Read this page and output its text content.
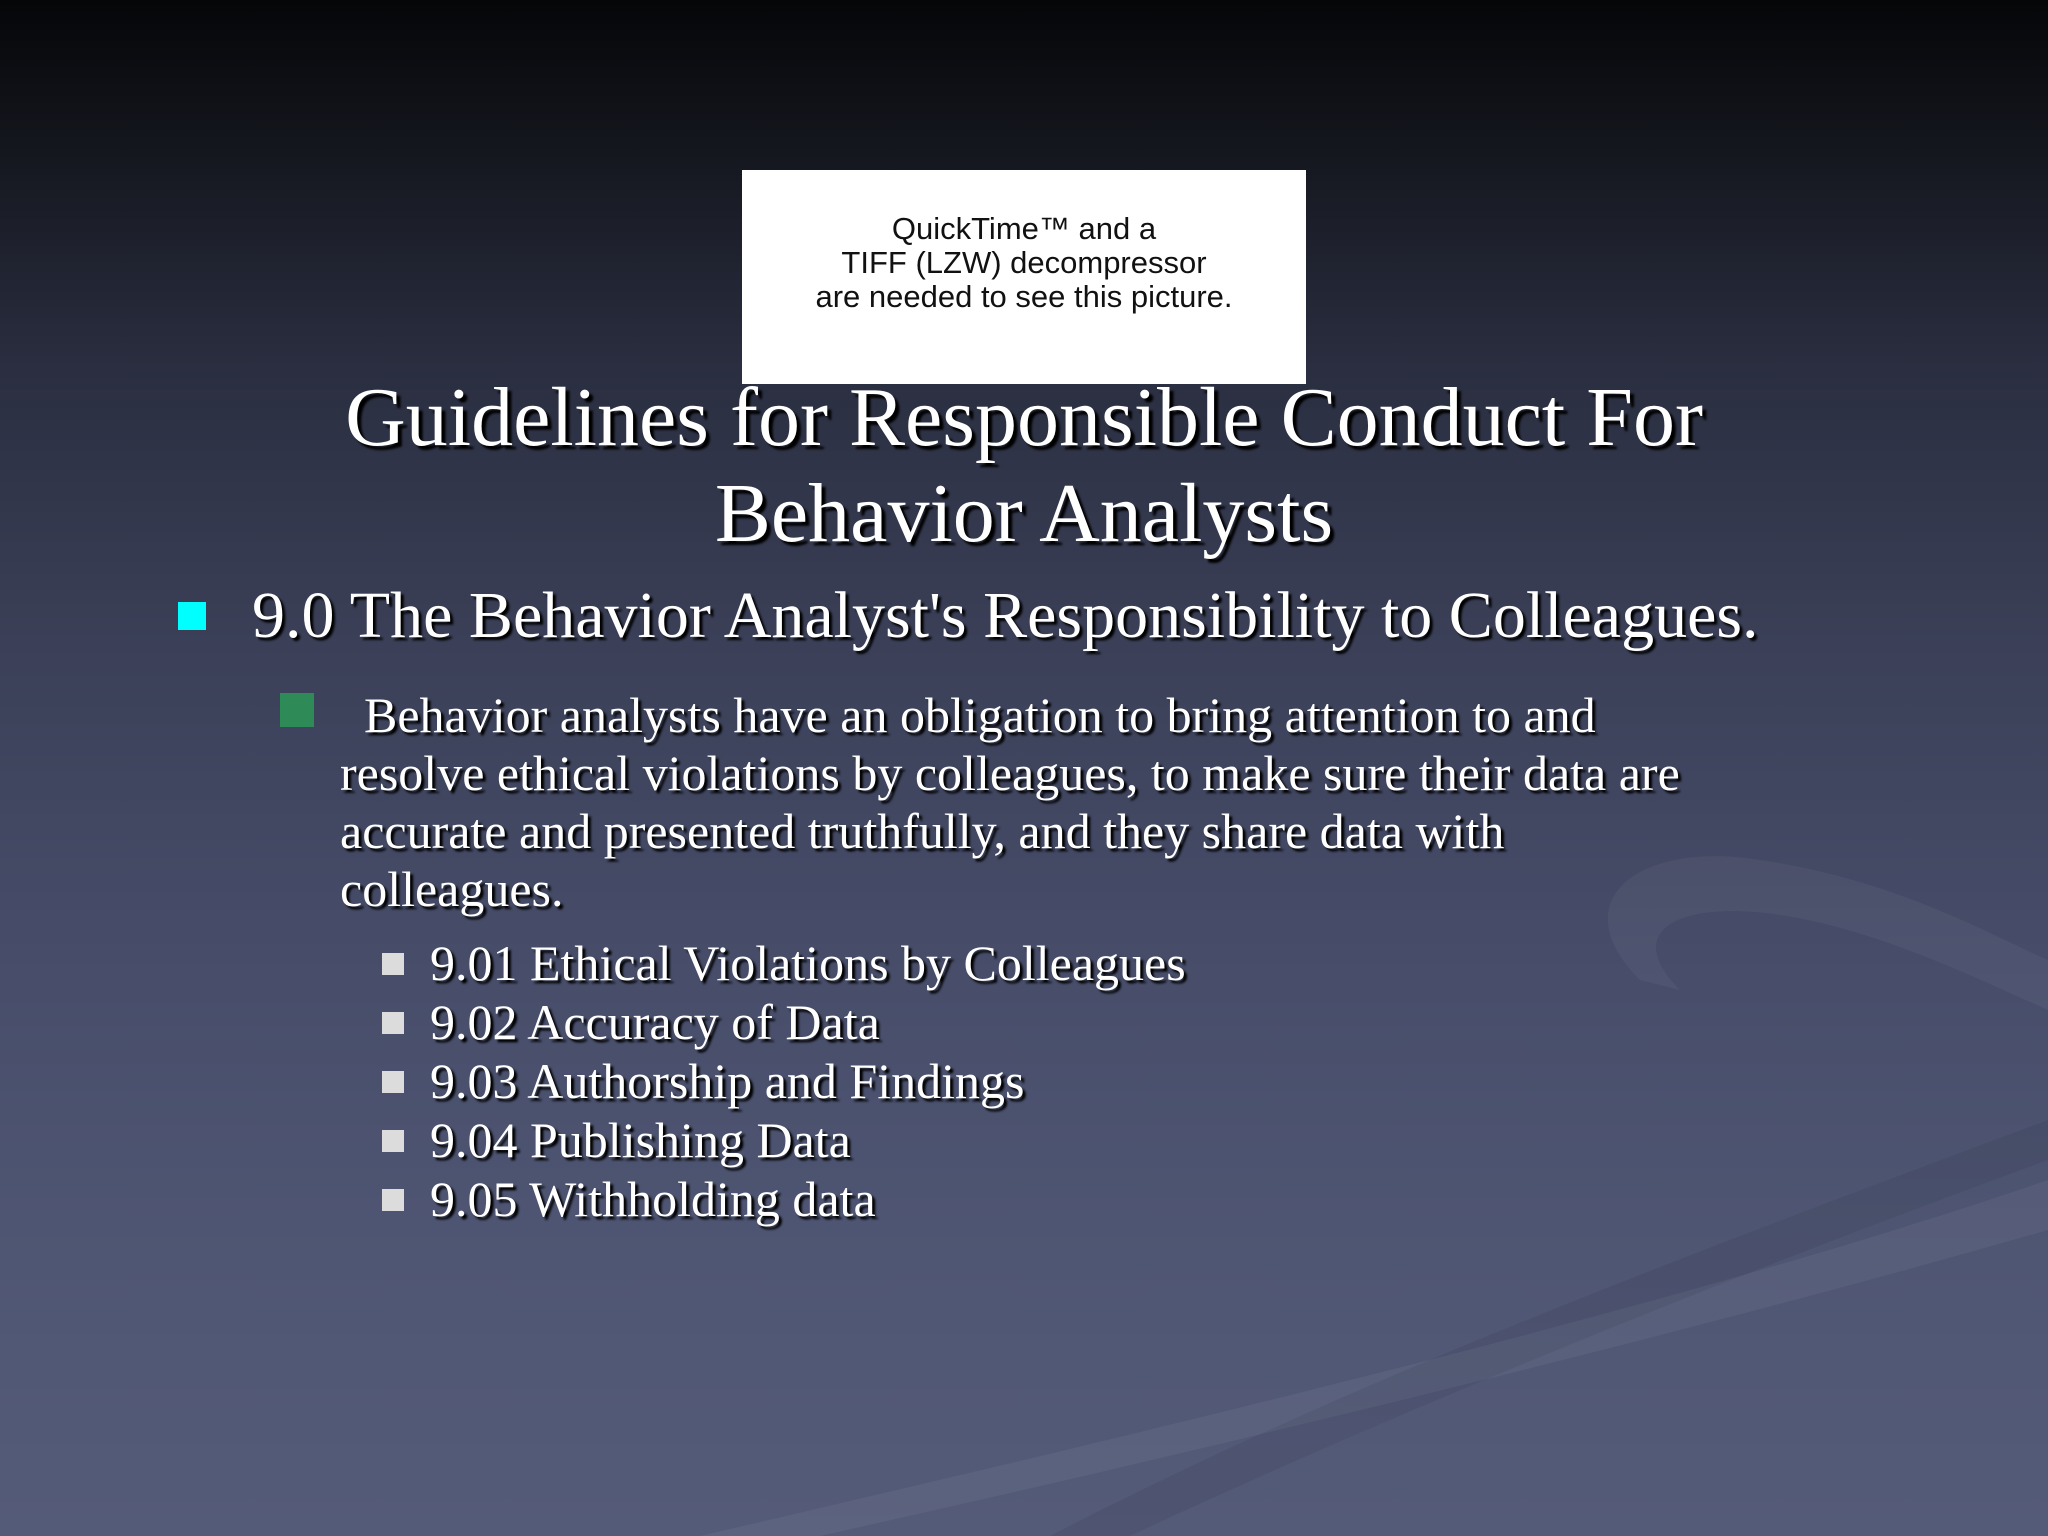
QuickTime™ and a
TIFF (LZW) decompressor
are needed to see this picture.
Guidelines for Responsible Conduct For
Behavior Analysts
9.0 The Behavior Analyst's Responsibility to Colleagues.
Behavior analysts have an obligation to bring attention to and
resolve ethical violations by colleagues, to make sure their data are
accurate and presented truthfully, and they share data with
colleagues.
9.01 Ethical Violations by Colleagues
9.02 Accuracy of Data
9.03 Authorship and Findings
9.04 Publishing Data
9.05 Withholding data
